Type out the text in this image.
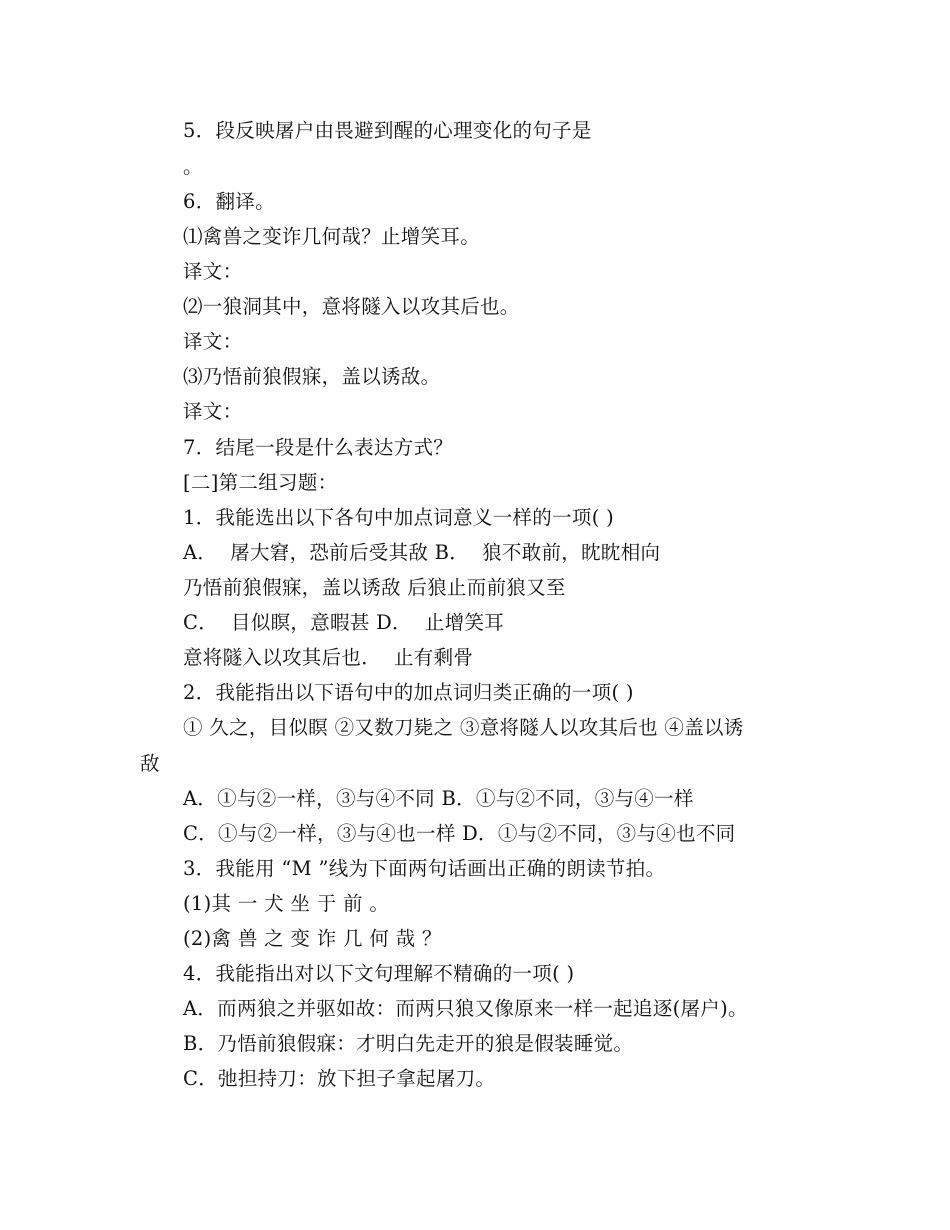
5．段反映屠户由畏避到醒的心理变化的句子是
。
6．翻译。
⑴禽兽之变诈几何哉？止增笑耳。
译文：
⑵一狼洞其中，意将隧入以攻其后也。
译文：
⑶乃悟前狼假寐，盖以诱敌。
译文：
7．结尾一段是什么表达方式？
[二]第二组习题：
1．我能选出以下各句中加点词意义一样的一项( )
A．  屠大窘，恐前后受其敌 B．  狼不敢前，眈眈相向
乃悟前狼假寐，盖以诱敌 后狼止而前狼又至
C．  目似瞑，意暇甚 D．  止增笑耳
意将隧入以攻其后也．  止有剩骨
2．我能指出以下语句中的加点词归类正确的一项( )
① 久之，目似瞑 ②又数刀毙之 ③意将隧人以攻其后也 ④盖以诱
敌
A．①与②一样，③与④不同 B．①与②不同，③与④一样
C．①与②一样，③与④也一样 D．①与②不同，③与④也不同
3．我能用 “M ”线为下面两句话画出正确的朗读节拍。
(1)其 一 犬 坐 于 前 。
(2)禽 兽 之 变 诈 几 何 哉 ？
4．我能指出对以下文句理解不精确的一项( )
A．而两狼之并驱如故：而两只狼又像原来一样一起追逐(屠户)。
B．乃悟前狼假寐：才明白先走开的狼是假装睡觉。
C．弛担持刀：放下担子拿起屠刀。
